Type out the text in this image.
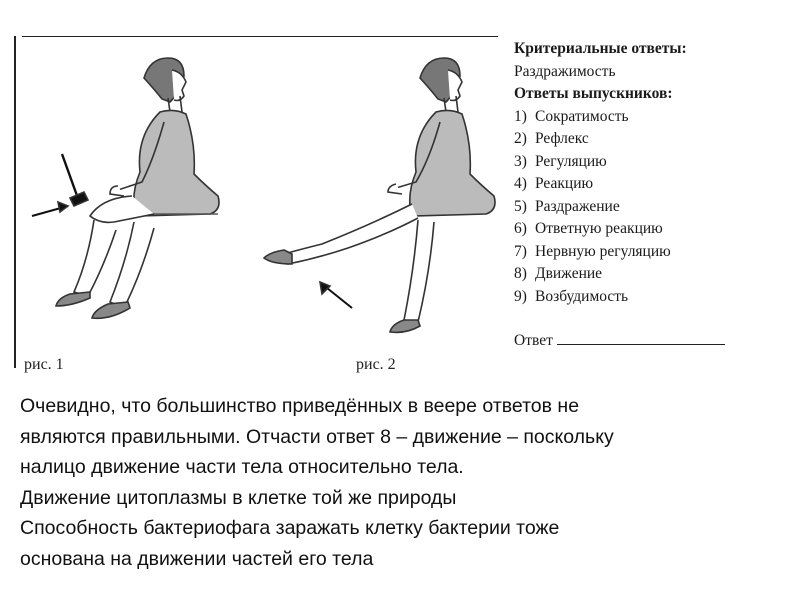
рис. 1	рис. 2
Критериальные ответы:
Раздражимость
Ответы выпускников:
1) Сократимость
2) Рефлекс
3) Регуляцию
4) Реакцию
5) Раздражение
6) Ответную реакцию
7) Нервную регуляцию
8) Движение
9) Возбудимость
Ответ

Очевидно, что большинство приведённых в веере ответов не

являются правильными. Отчасти ответ 8 – движение – поскольку

налицо движение части тела относительно тела.

Движение цитоплазмы в клетке той же природы

Способность бактериофага заражать клетку бактерии тоже

основана на движении частей его тела
